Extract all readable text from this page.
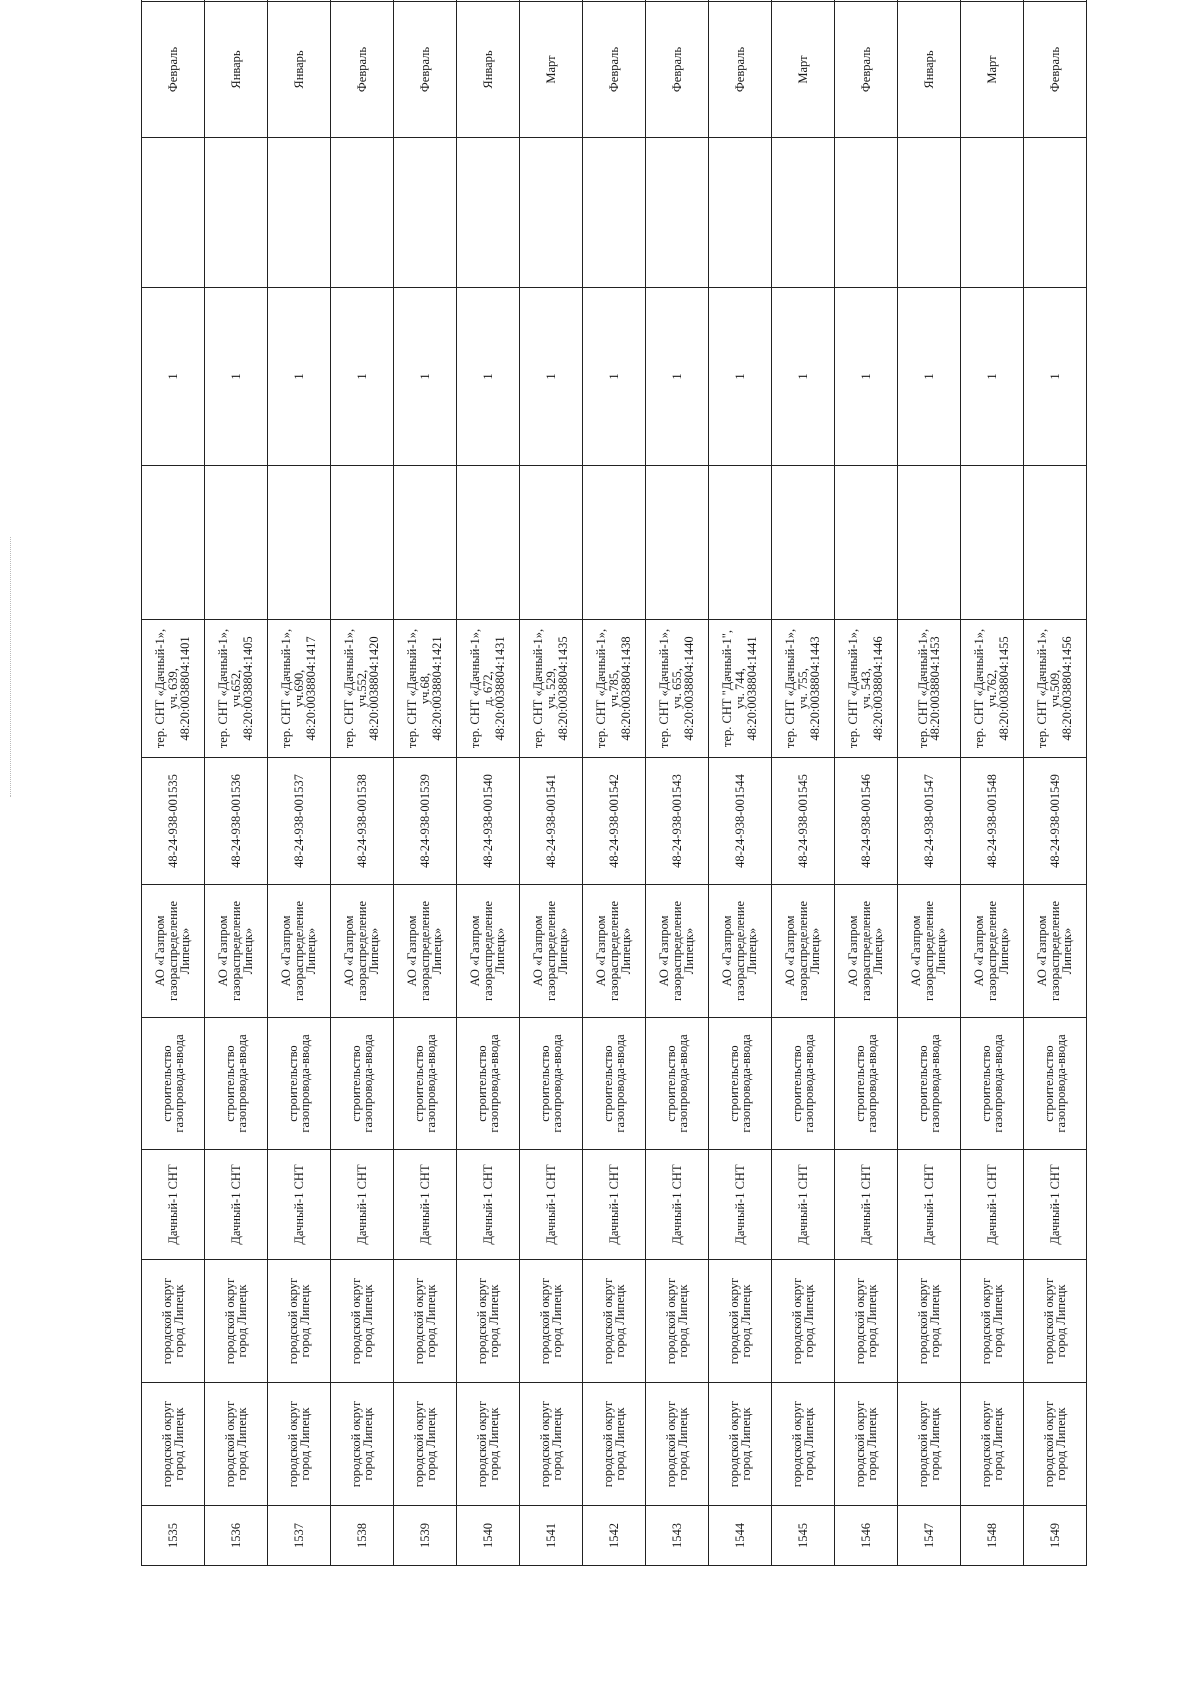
1535	городской округ город Липецк	городской округ город Липецк	Дачный-1 СНТ	строительство газопровода-ввода	АО «Газпром газораспределение Липецк»	48-24-938-001535	тер. СНТ «Дачный-1», уч. 639, 48:20:0038804:1401		1		Февраль	
1536	городской округ город Липецк	городской округ город Липецк	Дачный-1 СНТ	строительство газопровода-ввода	АО «Газпром газораспределение Липецк»	48-24-938-001536	тер. СНТ «Дачный-1», уч.652, 48:20:0038804:1405		1		Январь	
1537	городской округ город Липецк	городской округ город Липецк	Дачный-1 СНТ	строительство газопровода-ввода	АО «Газпром газораспределение Липецк»	48-24-938-001537	тер. СНТ «Дачный-1», уч.690, 48:20:0038804:1417		1		Январь	
1538	городской округ город Липецк	городской округ город Липецк	Дачный-1 СНТ	строительство газопровода-ввода	АО «Газпром газораспределение Липецк»	48-24-938-001538	тер. СНТ «Дачный-1», уч.552, 48:20:0038804:1420		1		Февраль	
1539	городской округ город Липецк	городской округ город Липецк	Дачный-1 СНТ	строительство газопровода-ввода	АО «Газпром газораспределение Липецк»	48-24-938-001539	тер. СНТ «Дачный-1», уч.68, 48:20:0038804:1421		1		Февраль	
1540	городской округ город Липецк	городской округ город Липецк	Дачный-1 СНТ	строительство газопровода-ввода	АО «Газпром газораспределение Липецк»	48-24-938-001540	тер. СНТ «Дачный-1», д. 672, 48:20:0038804:1431		1		Январь	
1541	городской округ город Липецк	городской округ город Липецк	Дачный-1 СНТ	строительство газопровода-ввода	АО «Газпром газораспределение Липецк»	48-24-938-001541	тер. СНТ «Дачный-1», уч. 529, 48:20:0038804:1435		1		Март	
1542	городской округ город Липецк	городской округ город Липецк	Дачный-1 СНТ	строительство газопровода-ввода	АО «Газпром газораспределение Липецк»	48-24-938-001542	тер. СНТ «Дачный-1», уч.785, 48:20:0038804:1438		1		Февраль	
1543	городской округ город Липецк	городской округ город Липецк	Дачный-1 СНТ	строительство газопровода-ввода	АО «Газпром газораспределение Липецк»	48-24-938-001543	тер. СНТ «Дачный-1», уч. 655, 48:20:0038804:1440		1		Февраль	
1544	городской округ город Липецк	городской округ город Липецк	Дачный-1 СНТ	строительство газопровода-ввода	АО «Газпром газораспределение Липецк»	48-24-938-001544	тер. СНТ "Дачный-1", уч. 744, 48:20:0038804:1441		1		Февраль	
1545	городской округ город Липецк	городской округ город Липецк	Дачный-1 СНТ	строительство газопровода-ввода	АО «Газпром газораспределение Липецк»	48-24-938-001545	тер. СНТ «Дачный-1», уч. 755, 48:20:0038804:1443		1		Март	
1546	городской округ город Липецк	городской округ город Липецк	Дачный-1 СНТ	строительство газопровода-ввода	АО «Газпром газораспределение Липецк»	48-24-938-001546	тер. СНТ «Дачный-1», уч. 543, 48:20:0038804:1446		1		Февраль	
1547	городской округ город Липецк	городской округ город Липецк	Дачный-1 СНТ	строительство газопровода-ввода	АО «Газпром газораспределение Липецк»	48-24-938-001547	тер. СНТ «Дачный-1», 48:20:0038804:1453		1		Январь	
1548	городской округ город Липецк	городской округ город Липецк	Дачный-1 СНТ	строительство газопровода-ввода	АО «Газпром газораспределение Липецк»	48-24-938-001548	тер. СНТ «Дачный-1», уч.762, 48:20:0038804:1455		1		Март	
1549	городской округ город Липецк	городской округ город Липецк	Дачный-1 СНТ	строительство газопровода-ввода	АО «Газпром газораспределение Липецк»	48-24-938-001549	тер. СНТ «Дачный-1», уч.509, 48:20:0038804:1456		1		Февраль	
